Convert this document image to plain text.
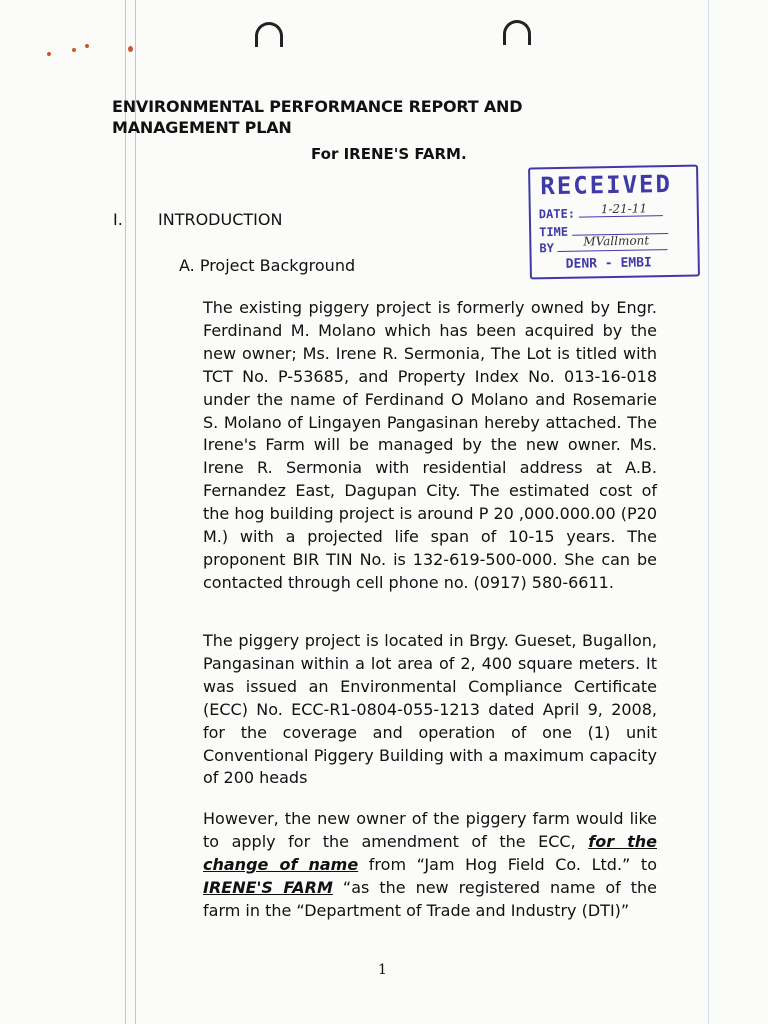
ENVIRONMENTAL PERFORMANCE REPORT AND MANAGEMENT PLAN
For IRENE'S FARM.
I. INTRODUCTION
A. Project Background
The existing piggery project is formerly owned by Engr. Ferdinand M. Molano which has been acquired by the new owner; Ms. Irene R. Sermonia, The Lot is titled with TCT No. P-53685, and Property Index No. 013-16-018 under the name of Ferdinand O Molano and Rosemarie S. Molano of Lingayen Pangasinan hereby attached. The Irene's Farm will be managed by the new owner. Ms. Irene R. Sermonia with residential address at A.B. Fernandez East, Dagupan City. The estimated cost of the hog building project is around P 20 ,000.000.00 (P20 M.) with a projected life span of 10-15 years. The proponent BIR TIN No. is 132-619-500-000. She can be contacted through cell phone no. (0917) 580-6611.
The piggery project is located in Brgy. Gueset, Bugallon, Pangasinan within a lot area of 2, 400 square meters. It was issued an Environmental Compliance Certificate (ECC) No. ECC-R1-0804-055-1213 dated April 9, 2008, for the coverage and operation of one (1) unit Conventional Piggery Building with a maximum capacity of 200 heads
However, the new owner of the piggery farm would like to apply for the amendment of the ECC, for the change of name from “Jam Hog Field Co. Ltd.” to IRENE'S FARM “as the new registered name of the farm in the “Department of Trade and Industry (DTI)”
1
RECEIVED
DATE: 1-21-11
TIME
BY MVallmont
DENR - EMBI
